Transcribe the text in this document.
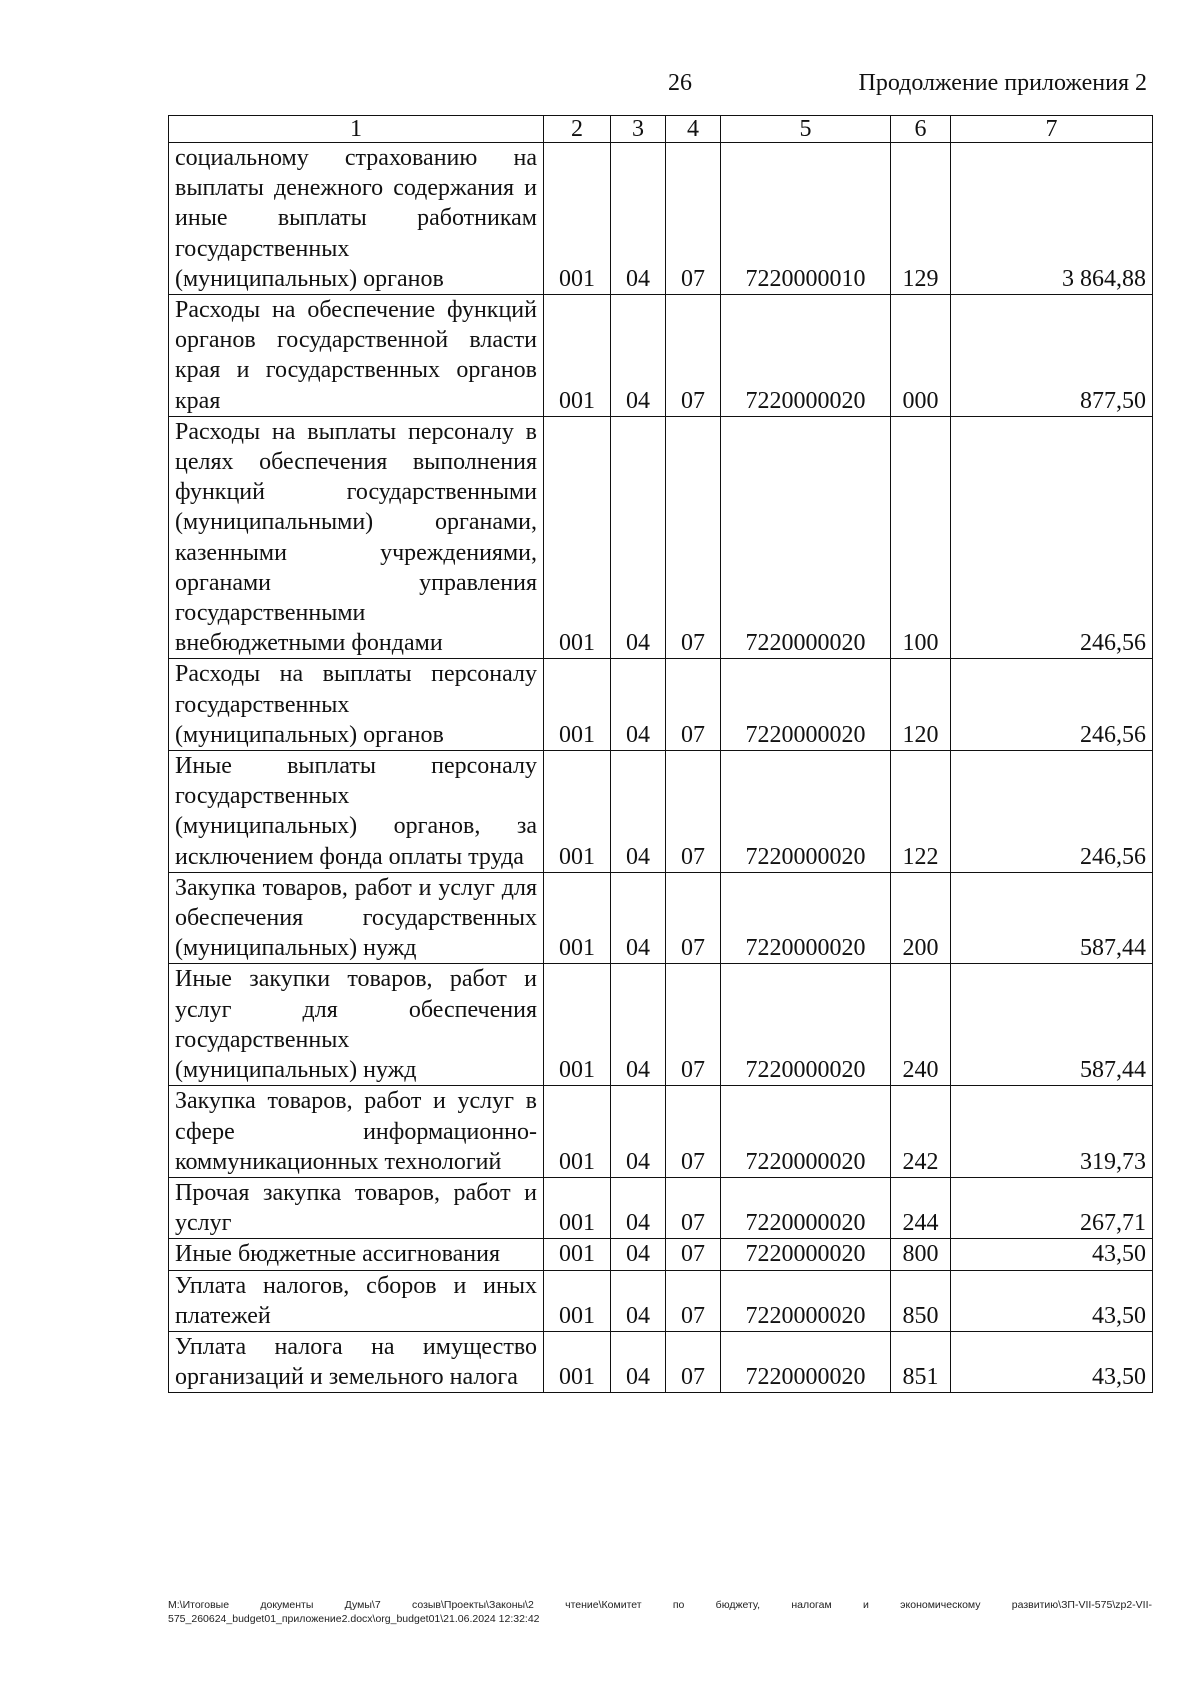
26	Продолжение приложения 2
1	2	3	4	5	6	7
социальному страхованию на выплаты денежного содержания и иные выплаты работникам государственных (муниципальных) органов	001	04	07	7220000010	129	3 864,88
Расходы на обеспечение функций органов государственной власти края и государственных органов края	001	04	07	7220000020	000	877,50
Расходы на выплаты персоналу в целях обеспечения выполнения функций государственными (муниципальными) органами, казенными учреждениями, органами управления государственными внебюджетными фондами	001	04	07	7220000020	100	246,56
Расходы на выплаты персоналу государственных (муниципальных) органов	001	04	07	7220000020	120	246,56
Иные выплаты персоналу государственных (муниципальных) органов, за исключением фонда оплаты труда	001	04	07	7220000020	122	246,56
Закупка товаров, работ и услуг для обеспечения государственных (муниципальных) нужд	001	04	07	7220000020	200	587,44
Иные закупки товаров, работ и услуг для обеспечения государственных (муниципальных) нужд	001	04	07	7220000020	240	587,44
Закупка товаров, работ и услуг в сфере информационно-коммуникационных технологий	001	04	07	7220000020	242	319,73
Прочая закупка товаров, работ и услуг	001	04	07	7220000020	244	267,71
Иные бюджетные ассигнования	001	04	07	7220000020	800	43,50
Уплата налогов, сборов и иных платежей	001	04	07	7220000020	850	43,50
Уплата налога на имущество организаций и земельного налога	001	04	07	7220000020	851	43,50
M:\Итоговые документы Думы\7 созыв\Проекты\Законы\2 чтение\Комитет по бюджету, налогам и экономическому развитию\ЗП-VII-575\zp2-VII-575_260624_budget01_приложение2.docx\org_budget01\21.06.2024 12:32:42
